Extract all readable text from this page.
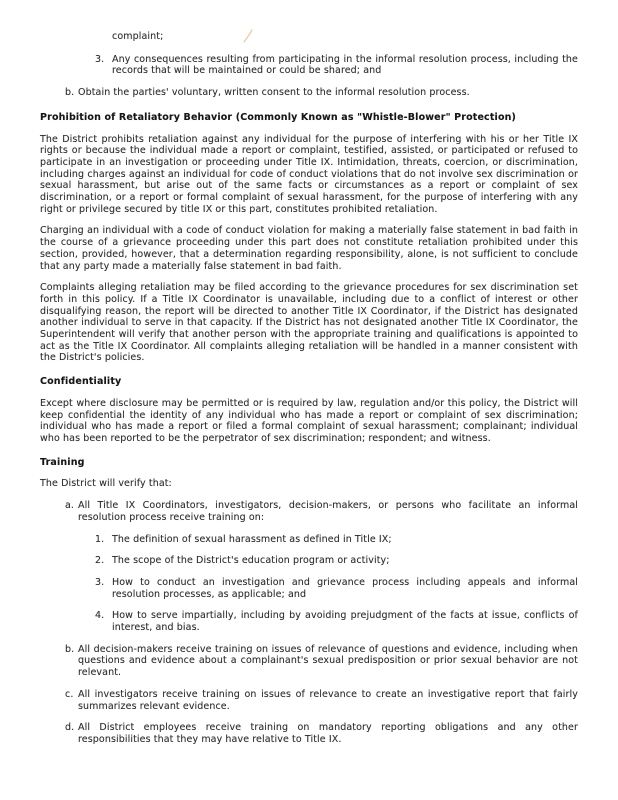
complaint;
3. Any consequences resulting from participating in the informal resolution process, including the records that will be maintained or could be shared; and
b. Obtain the parties' voluntary, written consent to the informal resolution process.
Prohibition of Retaliatory Behavior (Commonly Known as "Whistle-Blower" Protection)
The District prohibits retaliation against any individual for the purpose of interfering with his or her Title IX rights or because the individual made a report or complaint, testified, assisted, or participated or refused to participate in an investigation or proceeding under Title IX. Intimidation, threats, coercion, or discrimination, including charges against an individual for code of conduct violations that do not involve sex discrimination or sexual harassment, but arise out of the same facts or circumstances as a report or complaint of sex discrimination, or a report or formal complaint of sexual harassment, for the purpose of interfering with any right or privilege secured by title IX or this part, constitutes prohibited retaliation.
Charging an individual with a code of conduct violation for making a materially false statement in bad faith in the course of a grievance proceeding under this part does not constitute retaliation prohibited under this section, provided, however, that a determination regarding responsibility, alone, is not sufficient to conclude that any party made a materially false statement in bad faith.
Complaints alleging retaliation may be filed according to the grievance procedures for sex discrimination set forth in this policy. If a Title IX Coordinator is unavailable, including due to a conflict of interest or other disqualifying reason, the report will be directed to another Title IX Coordinator, if the District has designated another individual to serve in that capacity. If the District has not designated another Title IX Coordinator, the Superintendent will verify that another person with the appropriate training and qualifications is appointed to act as the Title IX Coordinator. All complaints alleging retaliation will be handled in a manner consistent with the District's policies.
Confidentiality
Except where disclosure may be permitted or is required by law, regulation and/or this policy, the District will keep confidential the identity of any individual who has made a report or complaint of sex discrimination; individual who has made a report or filed a formal complaint of sexual harassment; complainant; individual who has been reported to be the perpetrator of sex discrimination; respondent; and witness.
Training
The District will verify that:
a. All Title IX Coordinators, investigators, decision-makers, or persons who facilitate an informal resolution process receive training on:
1. The definition of sexual harassment as defined in Title IX;
2. The scope of the District's education program or activity;
3. How to conduct an investigation and grievance process including appeals and informal resolution processes, as applicable; and
4. How to serve impartially, including by avoiding prejudgment of the facts at issue, conflicts of interest, and bias.
b. All decision-makers receive training on issues of relevance of questions and evidence, including when questions and evidence about a complainant's sexual predisposition or prior sexual behavior are not relevant.
c. All investigators receive training on issues of relevance to create an investigative report that fairly summarizes relevant evidence.
d. All District employees receive training on mandatory reporting obligations and any other responsibilities that they may have relative to Title IX.
